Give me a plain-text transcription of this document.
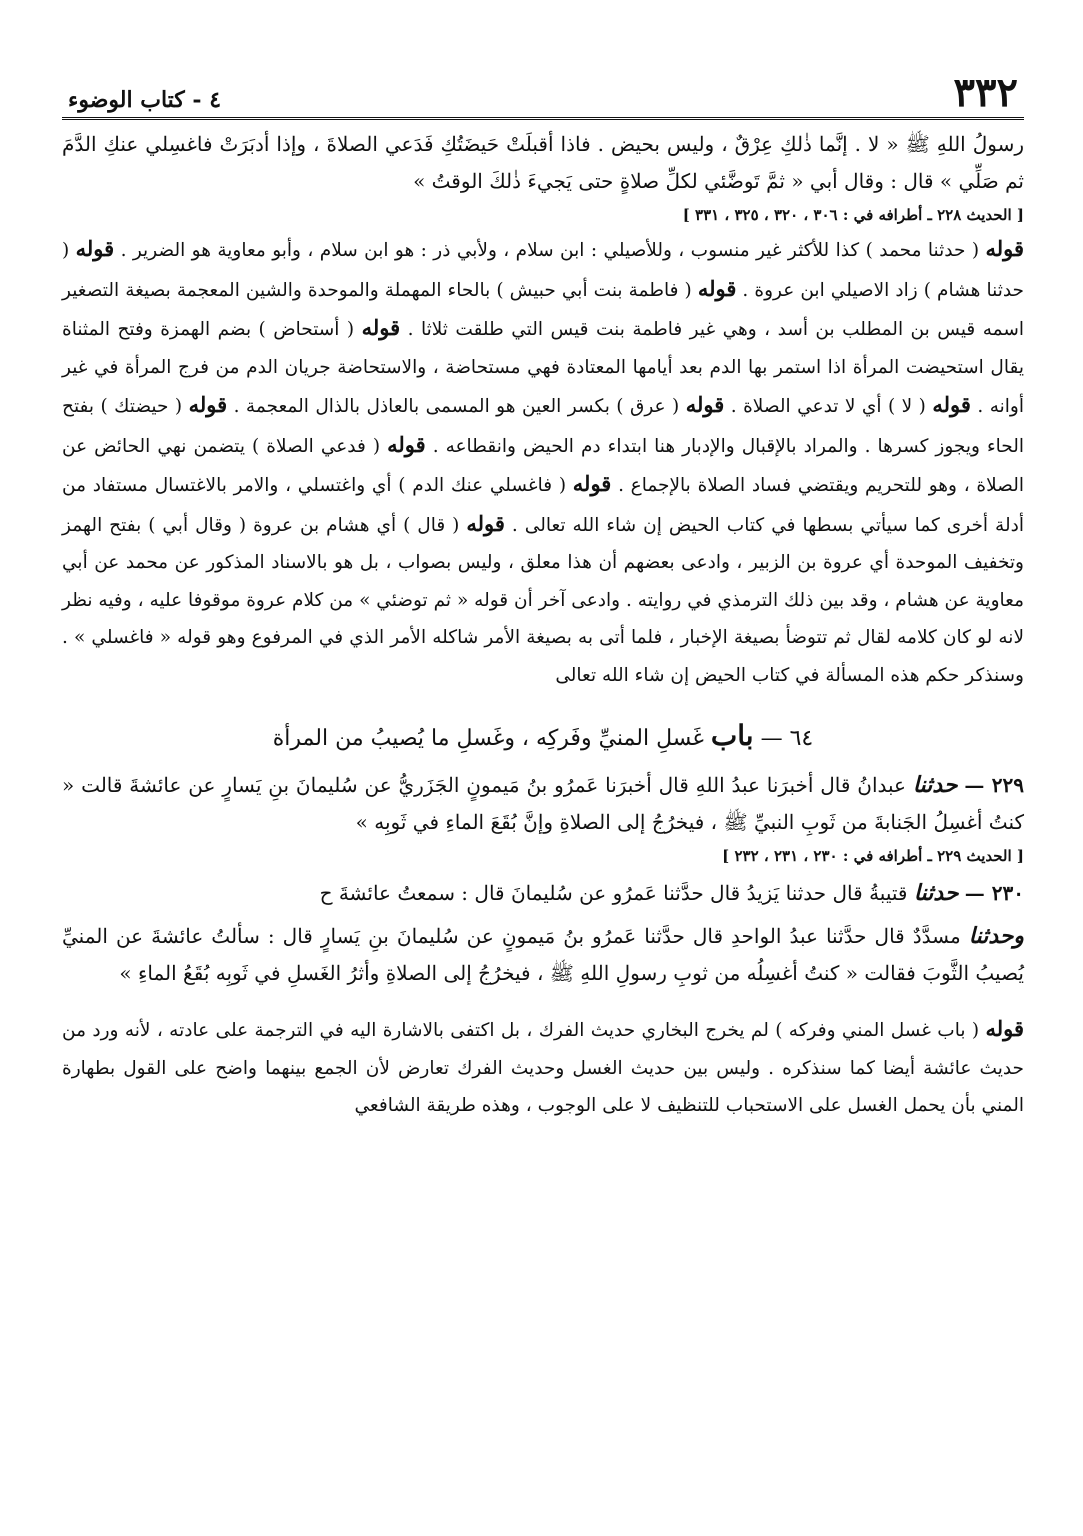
٣٣٢
٤ - كتاب الوضوء

رسولُ اللهِ ﷺ « لا . إنَّما ذٰلكِ عِرْقٌ ، وليس بحيض . فاذا أقبلَتْ حَيضَتُكِ فَدَعي الصلاةَ ، وإذا أدبَرَتْ فاغسِلي عنكِ الدَّمَ ثم صَلِّي » قال : وقال أبي « ثمَّ تَوضَّئي لكلِّ صلاةٍ حتى يَجيءَ ذٰلكَ الوقتُ »

[ الحديث ٢٢٨ ـ أطرافه في : ٣٠٦ ، ٣٢٠ ، ٣٢٥ ، ٣٣١ ]

قوله ( حدثنا محمد ) كذا للأكثر غير منسوب ، وللأصيلي : ابن سلام ، ولأبي ذر : هو ابن سلام ، وأبو معاوية هو الضرير . قوله ( حدثنا هشام ) زاد الاصيلي ابن عروة . قوله ( فاطمة بنت أبي حبيش ) بالحاء المهملة والموحدة والشين المعجمة بصيغة التصغير اسمه قيس بن المطلب بن أسد ، وهي غير فاطمة بنت قيس التي طلقت ثلاثا . قوله ( أستحاض ) بضم الهمزة وفتح المثناة يقال استحيضت المرأة اذا استمر بها الدم بعد أيامها المعتادة فهي مستحاضة ، والاستحاضة جريان الدم من فرج المرأة في غير أوانه . قوله ( لا ) أي لا تدعي الصلاة . قوله ( عرق ) بكسر العين هو المسمى بالعاذل بالذال المعجمة . قوله ( حيضتك ) بفتح الحاء ويجوز كسرها . والمراد بالإقبال والإدبار هنا ابتداء دم الحيض وانقطاعه . قوله ( فدعي الصلاة ) يتضمن نهي الحائض عن الصلاة ، وهو للتحريم ويقتضي فساد الصلاة بالإجماع . قوله ( فاغسلي عنك الدم ) أي واغتسلي ، والامر بالاغتسال مستفاد من أدلة أخرى كما سيأتي بسطها في كتاب الحيض إن شاء الله تعالى . قوله ( قال ) أي هشام بن عروة ( وقال أبي ) بفتح الهمز وتخفيف الموحدة أي عروة بن الزبير ، وادعى بعضهم أن هذا معلق ، وليس بصواب ، بل هو بالاسناد المذكور عن محمد عن أبي معاوية عن هشام ، وقد بين ذلك الترمذي في روايته . وادعى آخر أن قوله « ثم توضئي » من كلام عروة موقوفا عليه ، وفيه نظر لانه لو كان كلامه لقال ثم تتوضأ بصيغة الإخبار ، فلما أتى به بصيغة الأمر شاكله الأمر الذي في المرفوع وهو قوله « فاغسلي » . وسنذكر حكم هذه المسألة في كتاب الحيض إن شاء الله تعالى

٦٤ — باب غَسلِ المنيِّ وفَركِه ، وغَسلِ ما يُصيبُ من المرأة

٢٢٩ — حدثنا عبدانُ قال أخبرَنا عبدُ اللهِ قال أخبرَنا عَمرُو بنُ مَيمونٍ الجَزَريُّ عن سُليمانَ بنِ يَسارٍ عن عائشةَ قالت « كنتُ أغسِلُ الجَنابةَ من ثَوبِ النبيِّ ﷺ ، فيخرُجُ إلى الصلاةِ وإنَّ بُقَعَ الماءِ في ثَوبِه »

[ الحديث ٢٢٩ ـ أطرافه في : ٢٣٠ ، ٢٣١ ، ٢٣٢ ]

٢٣٠ — حدثنا قتيبةُ قال حدثنا يَزيدُ قال حدَّثنا عَمرُو عن سُليمانَ قال : سمعتُ عائشةَ ح

وحدثنا مسدَّدٌ قال حدَّثنا عبدُ الواحدِ قال حدَّثنا عَمرُو بنُ مَيمونٍ عن سُليمانَ بنِ يَسارٍ قال : سألتُ عائشةَ عن المنيِّ يُصيبُ الثَّوبَ فقالت « كنتُ أغسِلُه من ثوبِ رسولِ اللهِ ﷺ ، فيخرُجُ إلى الصلاةِ وأثرُ الغَسلِ في ثَوبِه بُقَعُ الماءِ »

قوله ( باب غسل المني وفركه ) لم يخرج البخاري حديث الفرك ، بل اكتفى بالاشارة اليه في الترجمة على عادته ، لأنه ورد من حديث عائشة أيضا كما سنذكره . وليس بين حديث الغسل وحديث الفرك تعارض لأن الجمع بينهما واضح على القول بطهارة المني بأن يحمل الغسل على الاستحباب للتنظيف لا على الوجوب ، وهذه طريقة الشافعي
